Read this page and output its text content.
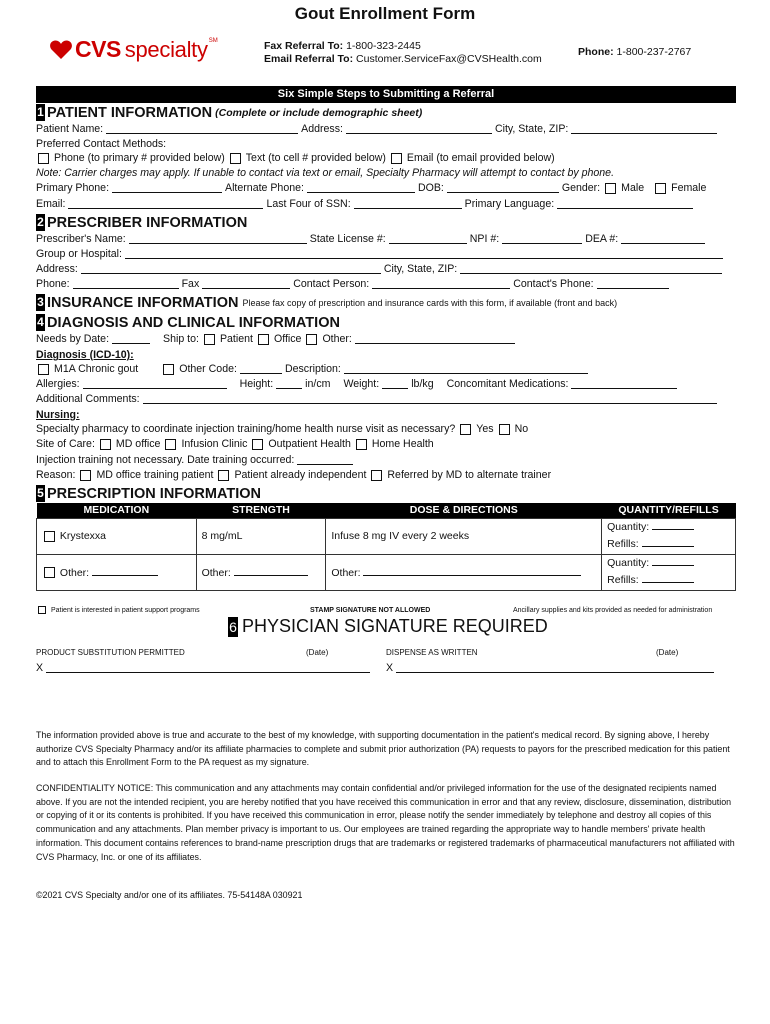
Gout Enrollment Form
CVS specialty SM	Fax Referral To: 1-800-323-2445
Email Referral To: Customer.ServiceFax@CVSHealth.com
Phone: 1-800-237-2767
Six Simple Steps to Submitting a Referral
1 PATIENT INFORMATION (Complete or include demographic sheet)
Patient Name:	Address:	City, State, ZIP:
Preferred Contact Methods:
Phone (to primary # provided below) Text (to cell # provided below) Email (to email provided below)
Note: Carrier charges may apply. If unable to contact via text or email, Specialty Pharmacy will attempt to contact by phone.
Primary Phone:	Alternate Phone:	DOB:	Gender: Male	Female
Email:	Last Four of SSN:	Primary Language:
2 PRESCRIBER INFORMATION
Prescriber's Name:	State License #:	NPI #:	DEA #:
Group or Hospital:
Address:	City, State, ZIP:
Phone:	Fax	Contact Person:	Contact's Phone:
3 INSURANCE INFORMATION Please fax copy of prescription and insurance cards with this form, if available (front and back)
4 DIAGNOSIS AND CLINICAL INFORMATION
Needs by Date:	Ship to: Patient Office Other:
Diagnosis (ICD-10):
M1A Chronic gout	Other Code:	Description:
Allergies:	Height:	in/cm Weight:	lb/kg Concomitant Medications:
Additional Comments:
Nursing:
Specialty pharmacy to coordinate injection training/home health nurse visit as necessary? Yes No
Site of Care: MD office Infusion Clinic Outpatient Health Home Health
Injection training not necessary. Date training occurred:
Reason: MD office training patient Patient already independent Referred by MD to alternate trainer
5 PRESCRIPTION INFORMATION
MEDICATION	STRENGTH	DOSE & DIRECTIONS	QUANTITY/REFILLS
Krystexxa	8 mg/mL	Infuse 8 mg IV every 2 weeks	Quantity:
Refills:

Other:	Other:	Other:	Quantity:
Refills:
Patient is interested in patient support programs	STAMP SIGNATURE NOT ALLOWED	Ancillary supplies and kits provided as needed for administration
6 PHYSICIAN SIGNATURE REQUIRED
PRODUCT SUBSTITUTION PERMITTED	(Date)	DISPENSE AS WRITTEN	(Date)
X	X
The information provided above is true and accurate to the best of my knowledge, with supporting documentation in the patient's medical record. By signing above, I hereby authorize CVS Specialty Pharmacy and/or its affiliate pharmacies to complete and submit prior authorization (PA) requests to payors for the prescribed medication for this patient and to attach this Enrollment Form to the PA request as my signature.
CONFIDENTIALITY NOTICE: This communication and any attachments may contain confidential and/or privileged information for the use of the designated recipients named above. If you are not the intended recipient, you are hereby notified that you have received this communication in error and that any review, disclosure, dissemination, distribution or copying of it or its contents is prohibited. If you have received this communication in error, please notify the sender immediately by telephone and destroy all copies of this communication and any attachments. Plan member privacy is important to us. Our employees are trained regarding the appropriate way to handle members' private health information. This document contains references to brand-name prescription drugs that are trademarks or registered trademarks of pharmaceutical manufacturers not affiliated with CVS Pharmacy, Inc. or one of its affiliates.
©2021 CVS Specialty and/or one of its affiliates. 75-54148A 030921
